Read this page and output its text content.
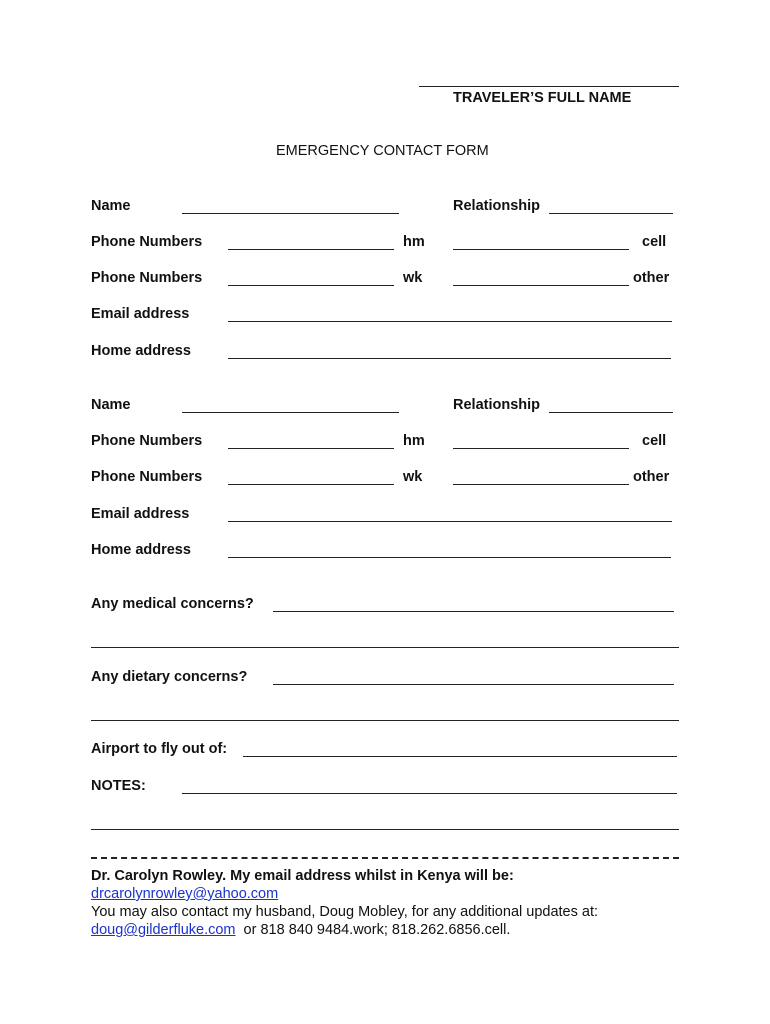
TRAVELER’S FULL NAME
EMERGENCY CONTACT FORM
Name	Relationship
Phone Numbers	hm	cell
Phone Numbers	wk	other
Email address
Home address
Name	Relationship
Phone Numbers	hm	cell
Phone Numbers	wk	other
Email address
Home address
Any medical concerns?
Any dietary concerns?
Airport to fly out of:
NOTES:
Dr. Carolyn Rowley. My email address whilst in Kenya will be:
drcarolynrowley@yahoo.com
You may also contact my husband, Doug Mobley, for any additional updates at:
doug@gilderfluke.com  or 818 840 9484.work; 818.262.6856.cell.
